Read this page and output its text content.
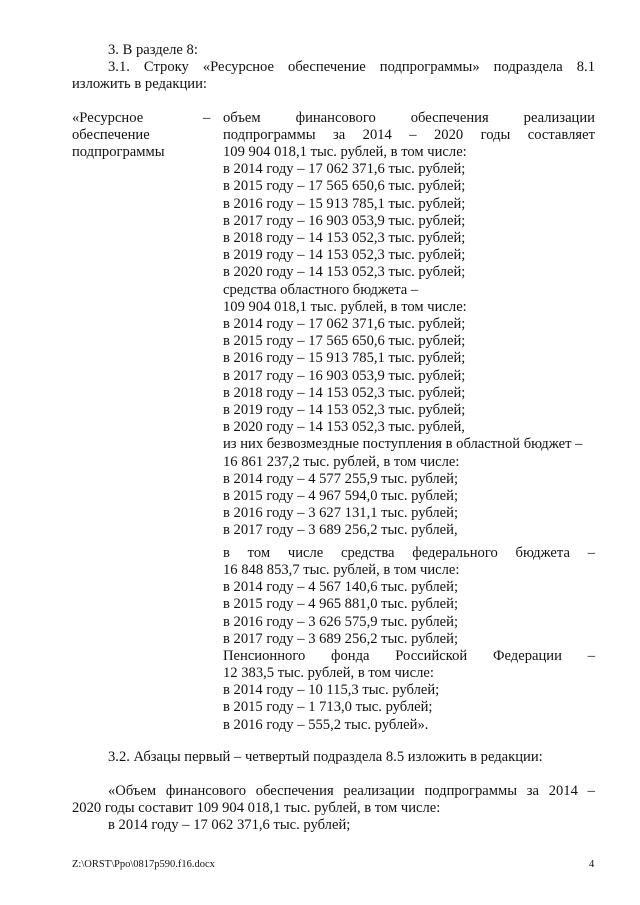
3. В разделе 8:
3.1. Строку «Ресурсное обеспечение подпрограммы» подраздела 8.1
изложить в редакции:
«Ресурсное
обеспечение
подпрограммы
– объем финансового обеспечения реализации
подпрограммы за 2014 – 2020 годы составляет
109 904 018,1 тыс. рублей, в том числе:
в 2014 году – 17 062 371,6 тыс. рублей;
в 2015 году – 17 565 650,6 тыс. рублей;
в 2016 году – 15 913 785,1 тыс. рублей;
в 2017 году – 16 903 053,9 тыс. рублей;
в 2018 году – 14 153 052,3 тыс. рублей;
в 2019 году – 14 153 052,3 тыс. рублей;
в 2020 году – 14 153 052,3 тыс. рублей;
средства областного бюджета –
109 904 018,1 тыс. рублей, в том числе:
в 2014 году – 17 062 371,6 тыс. рублей;
в 2015 году – 17 565 650,6 тыс. рублей;
в 2016 году – 15 913 785,1 тыс. рублей;
в 2017 году – 16 903 053,9 тыс. рублей;
в 2018 году – 14 153 052,3 тыс. рублей;
в 2019 году – 14 153 052,3 тыс. рублей;
в 2020 году – 14 153 052,3 тыс. рублей,
из них безвозмездные поступления в областной бюджет –
16 861 237,2 тыс. рублей, в том числе:
в 2014 году – 4 577 255,9 тыс. рублей;
в 2015 году – 4 967 594,0 тыс. рублей;
в 2016 году – 3 627 131,1 тыс. рублей;
в 2017 году – 3 689 256,2 тыс. рублей,
в том числе средства федерального бюджета –
16 848 853,7 тыс. рублей, в том числе:
в 2014 году – 4 567 140,6 тыс. рублей;
в 2015 году – 4 965 881,0 тыс. рублей;
в 2016 году – 3 626 575,9 тыс. рублей;
в 2017 году – 3 689 256,2 тыс. рублей;
Пенсионного фонда Российской Федерации –
12 383,5 тыс. рублей, в том числе:
в 2014 году – 10 115,3 тыс. рублей;
в 2015 году – 1 713,0 тыс. рублей;
в 2016 году – 555,2 тыс. рублей».
3.2. Абзацы первый – четвертый подраздела 8.5 изложить в редакции:
«Объем финансового обеспечения реализации подпрограммы за 2014 –
2020 годы составит 109 904 018,1 тыс. рублей, в том числе:
в 2014 году – 17 062 371,6 тыс. рублей;
Z:\ORST\Ppo\0817p590.f16.docx	4
